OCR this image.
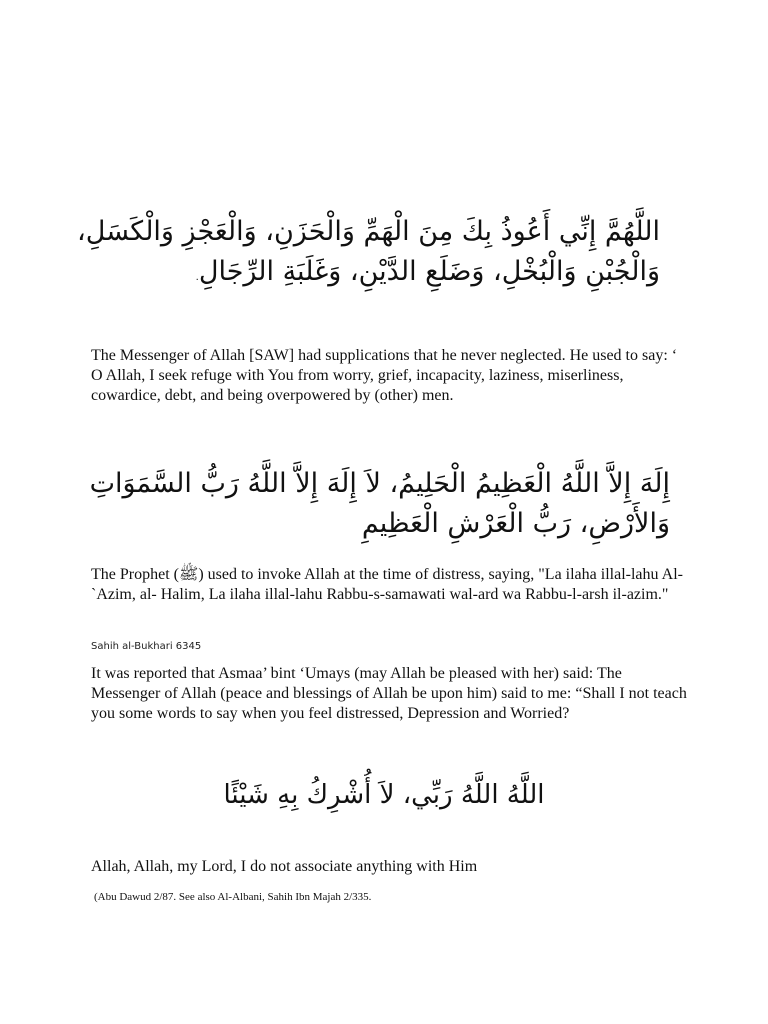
اللَّهُمَّ إِنِّي أَعُوذُ بِكَ مِنَ الْهَمِّ وَالْحَزَنِ، وَالْعَجْزِ وَالْكَسَلِ،
وَالْجُبْنِ وَالْبُخْلِ، وَضَلَعِ الدَّيْنِ، وَغَلَبَةِ الرِّجَالِ.

The Messenger of Allah [SAW] had supplications that he never neglected. He used to say: ‘ O Allah, I seek refuge with You from worry, grief, incapacity, laziness, miserliness, cowardice, debt, and being overpowered by (other) men.

إِلَهَ إِلاَّ اللَّهُ الْعَظِيمُ الْحَلِيمُ، لاَ إِلَهَ إِلاَّ اللَّهُ رَبُّ السَّمَوَاتِ
وَالأَرْضِ، رَبُّ الْعَرْشِ الْعَظِيمِ

The Prophet (ﷺ) used to invoke Allah at the time of distress, saying, "La ilaha illal-lahu Al-`Azim, al- Halim, La ilaha illal-lahu Rabbu-s-samawati wal-ard wa Rabbu-l-arsh il-azim."

Sahih al-Bukhari 6345

It was reported that Asmaa’ bint ‘Umays (may Allah be pleased with her) said: The Messenger of Allah (peace and blessings of Allah be upon him) said to me: “Shall I not teach you some words to say when you feel distressed, Depression and Worried?

اللَّهُ اللَّهُ رَبِّي، لاَ أُشْرِكُ بِهِ شَيْئًا

Allah, Allah, my Lord, I do not associate anything with Him

(Abu Dawud 2/87. See also Al-Albani, Sahih Ibn Majah 2/335.
